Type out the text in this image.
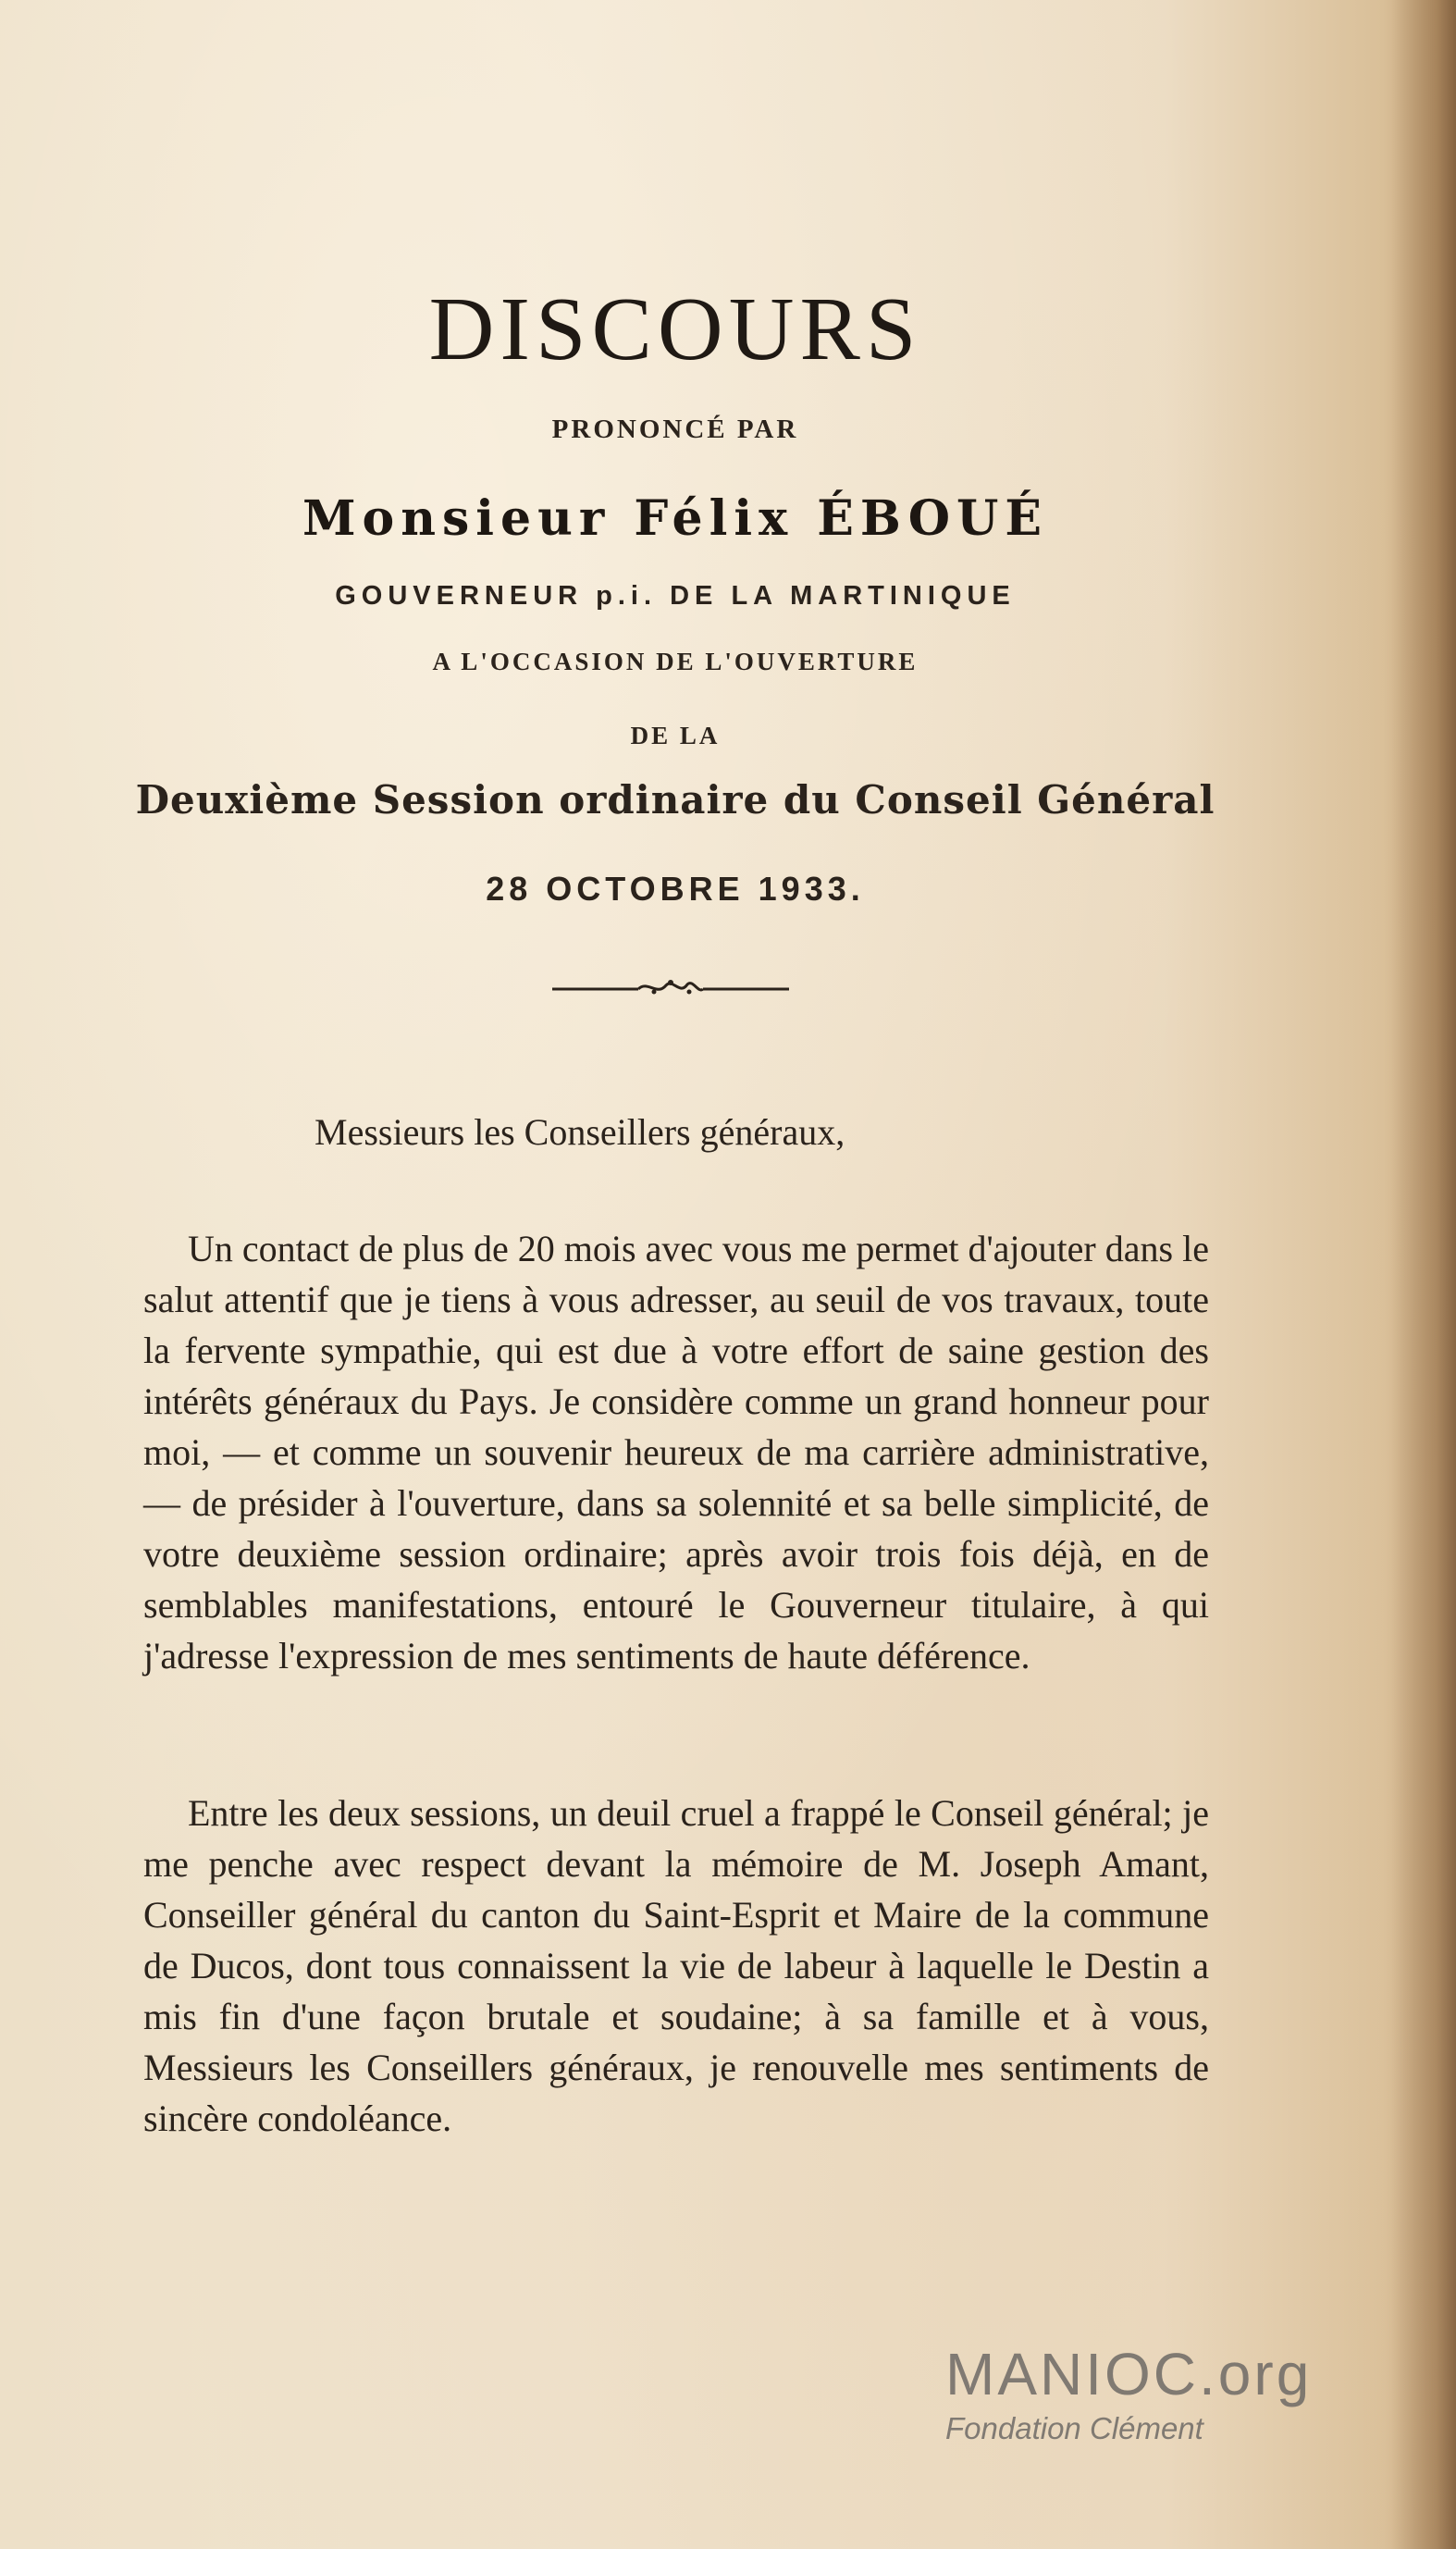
DISCOURS
PRONONCÉ PAR
Monsieur Félix ÉBOUÉ
GOUVERNEUR p.i. DE LA MARTINIQUE
A L'OCCASION DE L'OUVERTURE
DE LA
Deuxième Session ordinaire du Conseil Général
28 OCTOBRE 1933.
Messieurs les Conseillers généraux,

Un contact de plus de 20 mois avec vous me permet d'ajouter dans le salut attentif que je tiens à vous adresser, au seuil de vos travaux, toute la fervente sympathie, qui est due à votre effort de saine gestion des intérêts généraux du Pays. Je considère comme un grand honneur pour moi, — et comme un souvenir heureux de ma carrière administrative, — de présider à l'ouverture, dans sa solennité et sa belle simplicité, de votre deuxième session ordinaire; après avoir trois fois déjà, en de semblables manifestations, entouré le Gouverneur titulaire, à qui j'adresse l'expression de mes sentiments de haute déférence.

Entre les deux sessions, un deuil cruel a frappé le Conseil général; je me penche avec respect devant la mémoire de M. Joseph Amant, Conseiller général du canton du Saint-Esprit et Maire de la commune de Ducos, dont tous connaissent la vie de labeur à laquelle le Destin a mis fin d'une façon brutale et soudaine; à sa famille et à vous, Messieurs les Conseillers généraux, je renouvelle mes sentiments de sincère condoléance.

MANIOC.org
Fondation Clément
